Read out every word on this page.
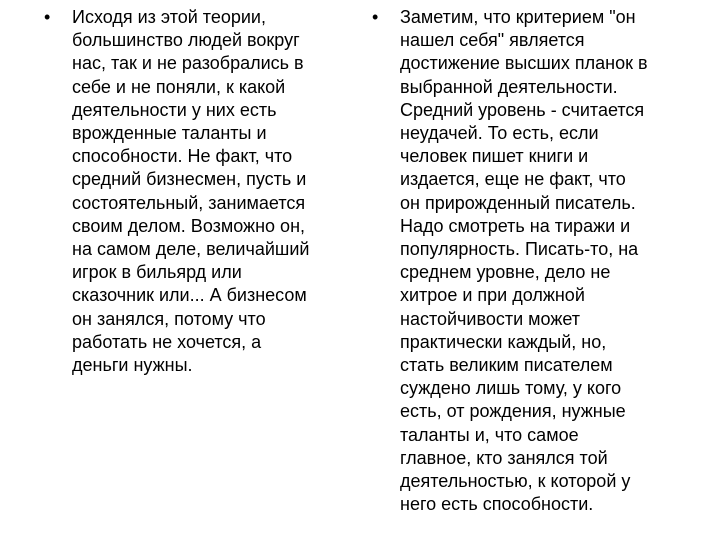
• Исходя из этой теории,
большинство людей вокруг
нас, так и не разобрались в
себе и не поняли, к какой
деятельности у них есть
врожденные таланты и
способности. Не факт, что
средний бизнесмен, пусть и
состоятельный, занимается
своим делом. Возможно он,
на самом деле, величайший
игрок в бильярд или
сказочник или... А бизнесом
он занялся, потому что
работать не хочется, а
деньги нужны.
• Заметим, что критерием "он
нашел себя" является
достижение высших планок в
выбранной деятельности.
Средний уровень - считается
неудачей. То есть, если
человек пишет книги и
издается, еще не факт, что
он прирожденный писатель.
Надо смотреть на тиражи и
популярность. Писать-то, на
среднем уровне, дело не
хитрое и при должной
настойчивости может
практически каждый, но,
стать великим писателем
суждено лишь тому, у кого
есть, от рождения, нужные
таланты и, что самое
главное, кто занялся той
деятельностью, к которой у
него есть способности.
